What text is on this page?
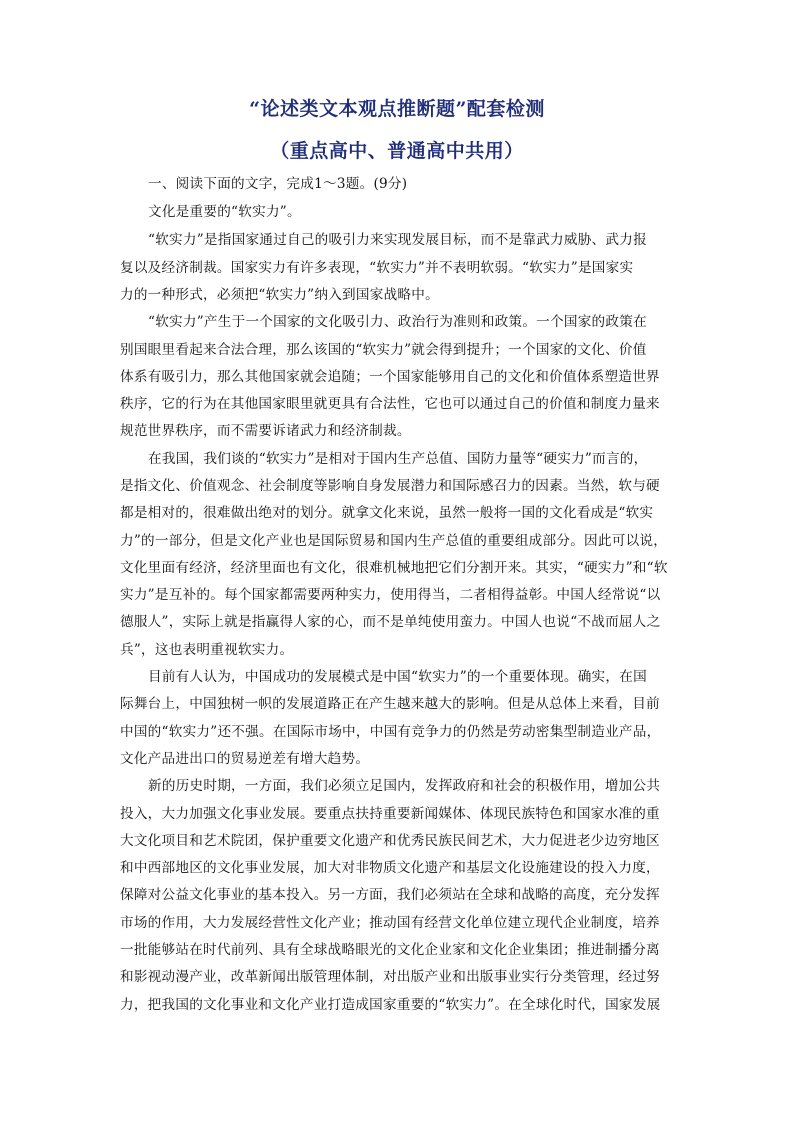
“论述类文本观点推断题”配套检测
（重点高中、普通高中共用）
一、阅读下面的文字，完成1～3题。(9分)
文化是重要的“软实力”。
“软实力”是指国家通过自己的吸引力来实现发展目标，而不是靠武力威胁、武力报
复以及经济制裁。国家实力有许多表现，“软实力”并不表明软弱。“软实力”是国家实
力的一种形式，必须把“软实力”纳入到国家战略中。
“软实力”产生于一个国家的文化吸引力、政治行为准则和政策。一个国家的政策在
别国眼里看起来合法合理，那么该国的“软实力”就会得到提升；一个国家的文化、价值
体系有吸引力，那么其他国家就会追随；一个国家能够用自己的文化和价值体系塑造世界
秩序，它的行为在其他国家眼里就更具有合法性，它也可以通过自己的价值和制度力量来
规范世界秩序，而不需要诉诸武力和经济制裁。
在我国，我们谈的“软实力”是相对于国内生产总值、国防力量等“硬实力”而言的，
是指文化、价值观念、社会制度等影响自身发展潜力和国际感召力的因素。当然，软与硬
都是相对的，很难做出绝对的划分。就拿文化来说，虽然一般将一国的文化看成是“软实
力”的一部分，但是文化产业也是国际贸易和国内生产总值的重要组成部分。因此可以说，
文化里面有经济，经济里面也有文化，很难机械地把它们分割开来。其实，“硬实力”和“软
实力”是互补的。每个国家都需要两种实力，使用得当，二者相得益彰。中国人经常说“以
德服人”，实际上就是指赢得人家的心，而不是单纯使用蛮力。中国人也说“不战而屈人之
兵”，这也表明重视软实力。
目前有人认为，中国成功的发展模式是中国“软实力”的一个重要体现。确实，在国
际舞台上，中国独树一帜的发展道路正在产生越来越大的影响。但是从总体上来看，目前
中国的“软实力”还不强。在国际市场中，中国有竞争力的仍然是劳动密集型制造业产品，
文化产品进出口的贸易逆差有增大趋势。
新的历史时期，一方面，我们必须立足国内，发挥政府和社会的积极作用，增加公共
投入，大力加强文化事业发展。要重点扶持重要新闻媒体、体现民族特色和国家水准的重
大文化项目和艺术院团，保护重要文化遗产和优秀民族民间艺术，大力促进老少边穷地区
和中西部地区的文化事业发展，加大对非物质文化遗产和基层文化设施建设的投入力度，
保障对公益文化事业的基本投入。另一方面，我们必须站在全球和战略的高度，充分发挥
市场的作用，大力发展经营性文化产业；推动国有经营文化单位建立现代企业制度，培养
一批能够站在时代前列、具有全球战略眼光的文化企业家和文化企业集团；推进制播分离
和影视动漫产业，改革新闻出版管理体制，对出版产业和出版事业实行分类管理，经过努
力，把我国的文化事业和文化产业打造成国家重要的“软实力”。在全球化时代，国家发展
